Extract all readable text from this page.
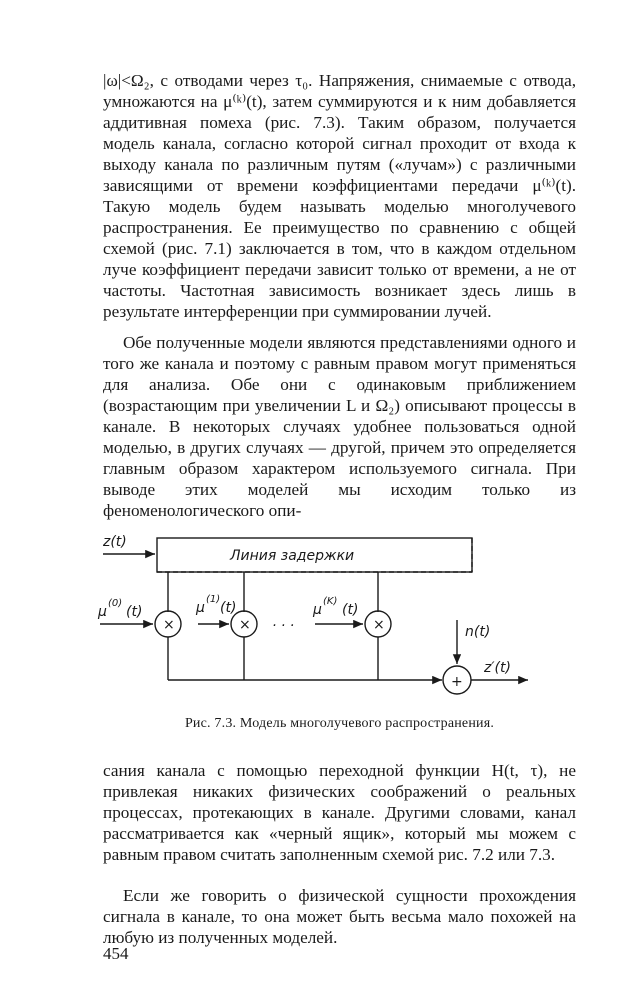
|ω|<Ω₂, с отводами через τ₀. Напряжения, снимаемые с отвода, умножаются на μ⁽ᵏ⁾(t), затем суммируются и к ним добавляется аддитивная помеха (рис. 7.3). Таким образом, получается модель канала, согласно которой сигнал проходит от входа к выходу канала по различным путям («лучам») с различными зависящими от времени коэффициентами передачи μ⁽ᵏ⁾(t). Такую модель будем называть моделью многолучевого распространения. Ее преимущество по сравнению с общей схемой (рис. 7.1) заключается в том, что в каждом отдельном луче коэффициент передачи зависит только от времени, а не от частоты. Частотная зависимость возникает здесь лишь в результате интерференции при суммировании лучей.

Обе полученные модели являются представлениями одного и того же канала и поэтому с равным правом могут применяться для анализа. Обе они с одинаковым приближением (возрастающим при увеличении L и Ω₂) описывают процессы в канале. В некоторых случаях удобнее пользоваться одной моделью, в других случаях — другой, причем это определяется главным образом характером используемого сигнала. При выводе этих моделей мы исходим только из феноменологического опи-

z(t)
Линия задержки
×	×	×
μ
(0)
(t)	μ
(1)
(t)	μ
(K)
(t)
· · ·
+
n(t)
z′(t)
Рис. 7.3. Модель многолучевого распространения.

сания канала с помощью переходной функции H(t, τ), не привлекая никаких физических соображений о реальных процессах, протекающих в канале. Другими словами, канал рассматривается как «черный ящик», который мы можем с равным правом считать заполненным схемой рис. 7.2 или 7.3.

Если же говорить о физической сущности прохождения сигнала в канале, то она может быть весьма мало похожей на любую из полученных моделей.

454
